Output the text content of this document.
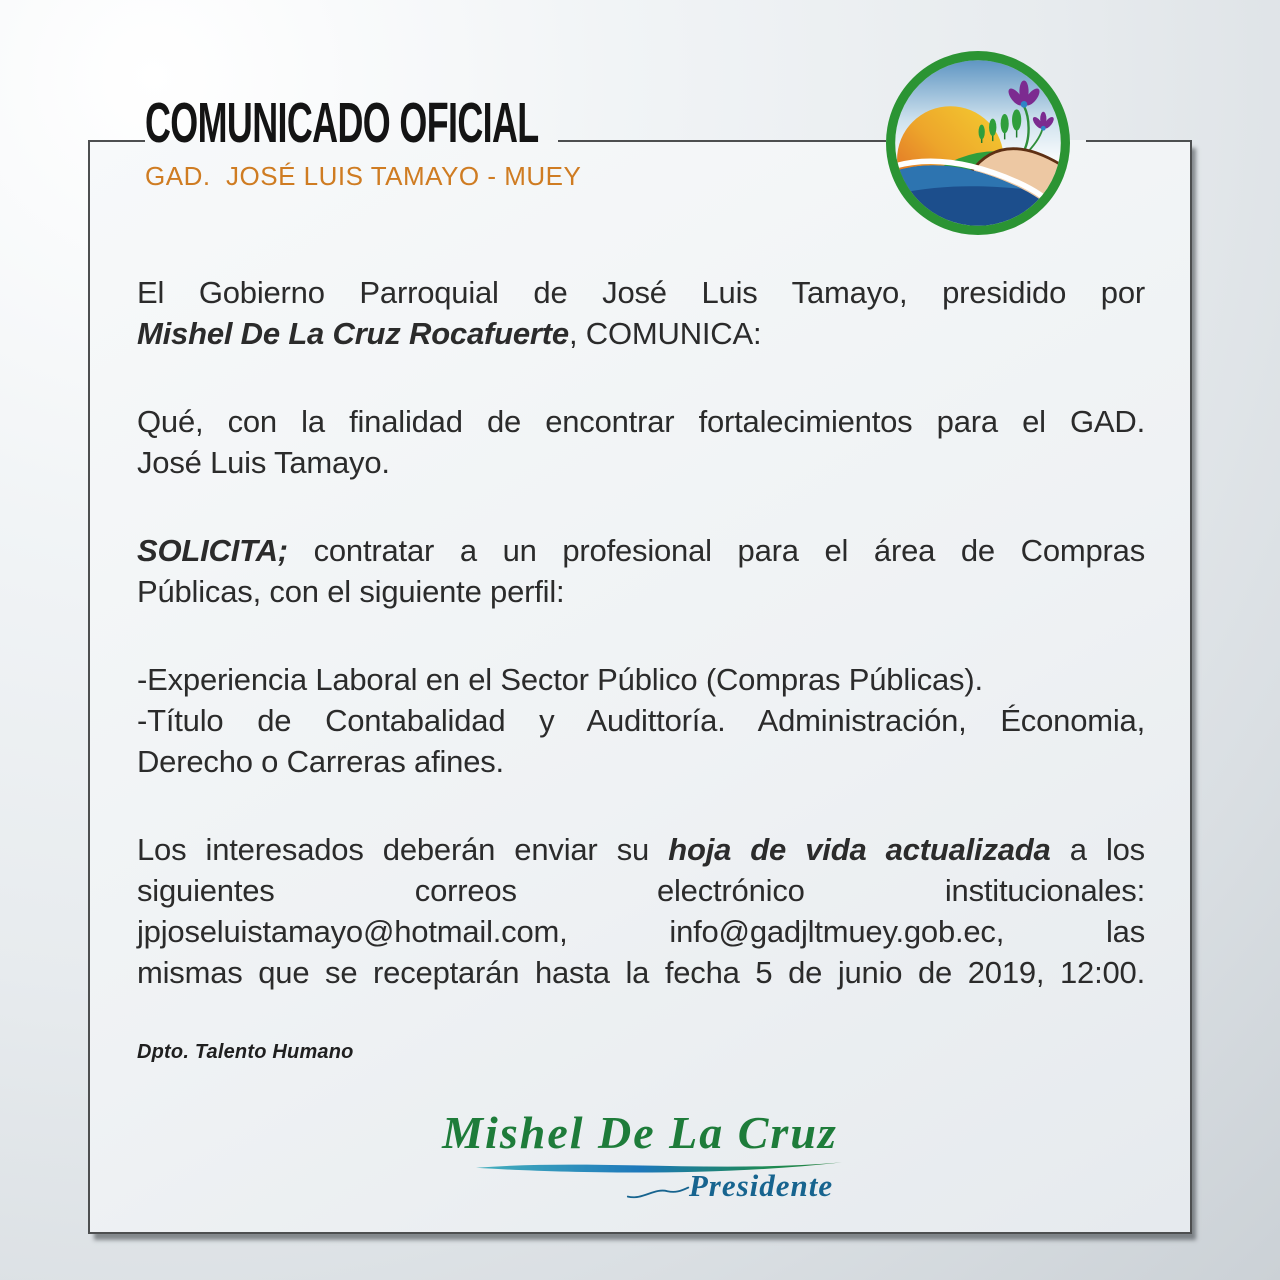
COMUNICADO OFICIAL
GAD.  JOSÉ LUIS TAMAYO - MUEY
El Gobierno Parroquial de José Luis Tamayo, presidido por
Mishel De La Cruz Rocafuerte, COMUNICA:
Qué, con la finalidad de encontrar fortalecimientos para el GAD.
José Luis Tamayo.
SOLICITA; contratar a un profesional para el área de Compras
Públicas, con el siguiente perfil:
-Experiencia Laboral en el Sector Público (Compras Públicas).
-Título de Contabalidad y Audittoría. Administración, Économia,
Derecho o Carreras afines.
Los interesados deberán enviar su hoja de vida actualizada a los
siguientes correos electrónico institucionales:
jpjoseluistamayo@hotmail.com, info@gadjltmuey.gob.ec, las
mismas que se receptarán hasta la fecha 5 de junio de 2019, 12:00.
Dpto. Talento Humano
Mishel De La Cruz
Presidente
